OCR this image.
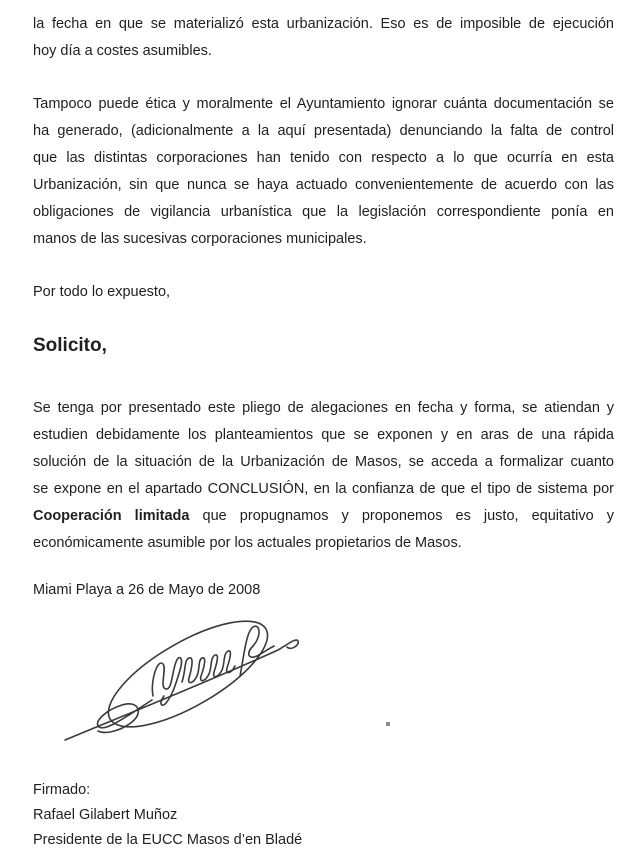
la fecha en que se materializó esta urbanización. Eso es de imposible de ejecución
hoy día a costes asumibles.
Tampoco puede ética y moralmente el Ayuntamiento ignorar cuánta documentación se
ha generado, (adicionalmente a la aquí presentada) denunciando la falta de control
que las distintas corporaciones han tenido con respecto a lo que ocurría en esta
Urbanización, sin que nunca se haya actuado convenientemente de acuerdo con las
obligaciones de vigilancia urbanística que la legislación correspondiente ponía en
manos de las sucesivas corporaciones municipales.

Por todo lo expuesto,

Solicito,
Se tenga por presentado este pliego de alegaciones en fecha y forma, se atiendan y
estudien debidamente los planteamientos que se exponen y en aras de una rápida
solución de la situación de la Urbanización de Masos, se acceda a formalizar cuanto
se expone en el apartado CONCLUSIÓN, en la confianza de que el tipo de sistema por
Cooperación limitada que propugnamos y proponemos es justo, equitativo y
económicamente asumible por los actuales propietarios de Masos.

Miami Playa a 26 de Mayo de 2008

Firmado:

Rafael Gilabert Muñoz

Presidente de la EUCC Masos d’en Bladé
